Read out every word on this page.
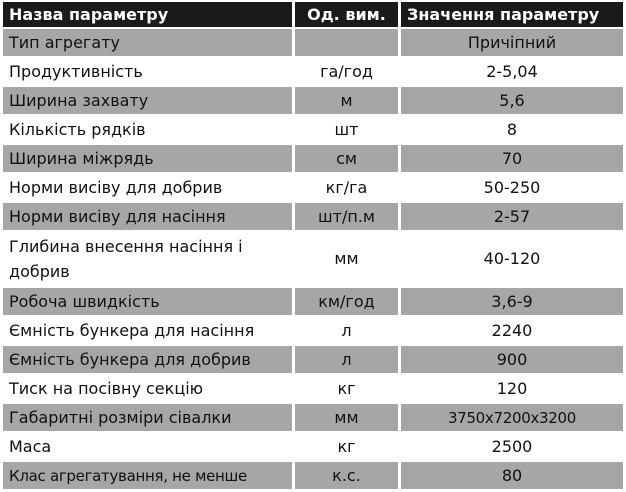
Назва параметру	Од. вим.	Значення параметру
Тип агрегату		Причіпний
Продуктивність	га/год	2-5,04
Ширина захвату	м	5,6
Кількість рядків	шт	8
Ширина міжрядь	см	70
Норми висіву для добрив	кг/га	50-250
Норми висіву для насіння	шт/п.м	2-57
Глибина внесення насіння і добрив	мм	40-120
Робоча швидкість	км/год	3,6-9
Ємність бункера для насіння	л	2240
Ємність бункера для добрив	л	900
Тиск на посівну секцію	кг	120
Габаритні розміри сівалки	мм	3750x7200x3200
Маса	кг	2500
Клас агрегатування, не менше	к.с.	80
